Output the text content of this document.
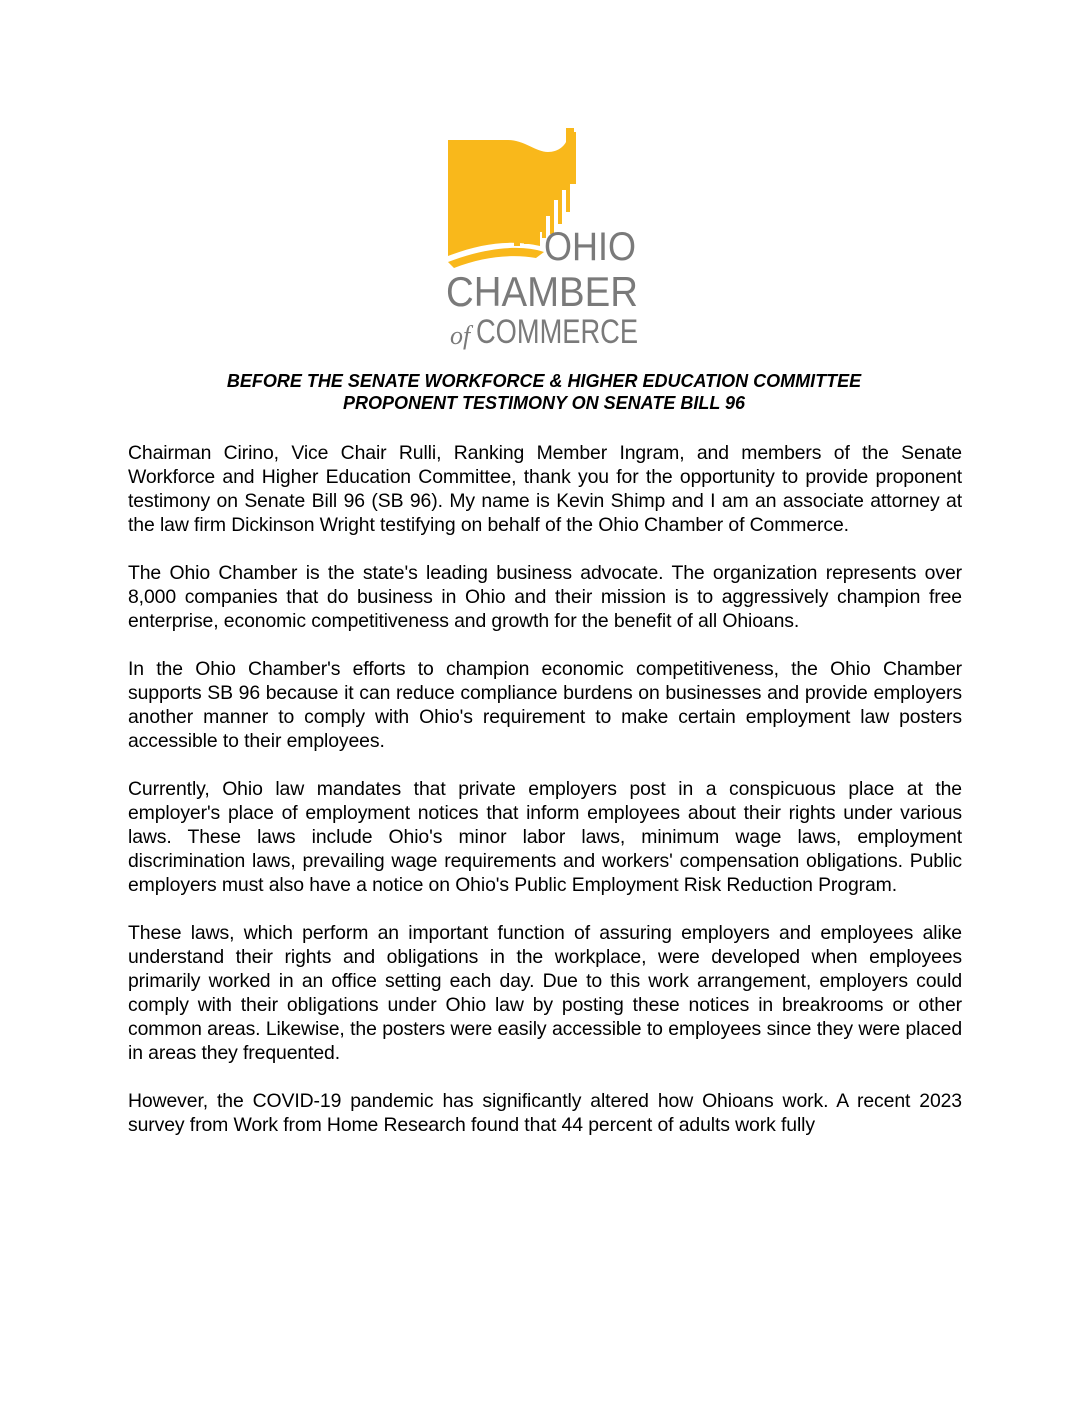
OHIO
CHAMBER
of COMMERCE
BEFORE THE SENATE WORKFORCE & HIGHER EDUCATION COMMITTEE
PROPONENT TESTIMONY ON SENATE BILL 96

Chairman Cirino, Vice Chair Rulli, Ranking Member Ingram, and members of the Senate Workforce and Higher Education Committee, thank you for the opportunity to provide proponent testimony on Senate Bill 96 (SB 96). My name is Kevin Shimp and I am an associate attorney at the law firm Dickinson Wright testifying on behalf of the Ohio Chamber of Commerce.

The Ohio Chamber is the state's leading business advocate. The organization represents over 8,000 companies that do business in Ohio and their mission is to aggressively champion free enterprise, economic competitiveness and growth for the benefit of all Ohioans.

In the Ohio Chamber's efforts to champion economic competitiveness, the Ohio Chamber supports SB 96 because it can reduce compliance burdens on businesses and provide employers another manner to comply with Ohio's requirement to make certain employment law posters accessible to their employees.

Currently, Ohio law mandates that private employers post in a conspicuous place at the employer's place of employment notices that inform employees about their rights under various laws. These laws include Ohio's minor labor laws, minimum wage laws, employment discrimination laws, prevailing wage requirements and workers' compensation obligations. Public employers must also have a notice on Ohio's Public Employment Risk Reduction Program.

These laws, which perform an important function of assuring employers and employees alike understand their rights and obligations in the workplace, were developed when employees primarily worked in an office setting each day. Due to this work arrangement, employers could comply with their obligations under Ohio law by posting these notices in breakrooms or other common areas. Likewise, the posters were easily accessible to employees since they were placed in areas they frequented.

However, the COVID-19 pandemic has significantly altered how Ohioans work. A recent 2023 survey from Work from Home Research found that 44 percent of adults work fully
